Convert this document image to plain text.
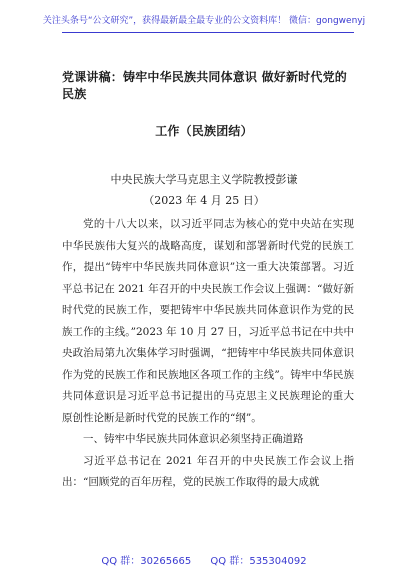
关注头条号“公文研究”，获得最新最全最专业的公文资料库！ 微信：gongwenyj
党课讲稿：铸牢中华民族共同体意识 做好新时代党的民族
工作（民族团结）
中央民族大学马克思主义学院教授彭谦
（2023 年 4 月 25 日）

党的十八大以来，以习近平同志为核心的党中央站在实现中华民族伟大复兴的战略高度，谋划和部署新时代党的民族工作，提出“铸牢中华民族共同体意识”这一重大决策部署。习近平总书记在 2021 年召开的中央民族工作会议上强调：“做好新时代党的民族工作，要把铸牢中华民族共同体意识作为党的民族工作的主线。”2023 年 10 月 27 日，习近平总书记在中共中央政治局第九次集体学习时强调，“把铸牢中华民族共同体意识作为党的民族工作和民族地区各项工作的主线”。铸牢中华民族共同体意识是习近平总书记提出的马克思主义民族理论的重大原创性论断是新时代党的民族工作的“纲”。

一、铸牢中华民族共同体意识必须坚持正确道路

习近平总书记在 2021 年召开的中央民族工作会议上指出：“回顾党的百年历程，党的民族工作取得的最大成就

QQ 群：30265665 QQ 群：535304092
